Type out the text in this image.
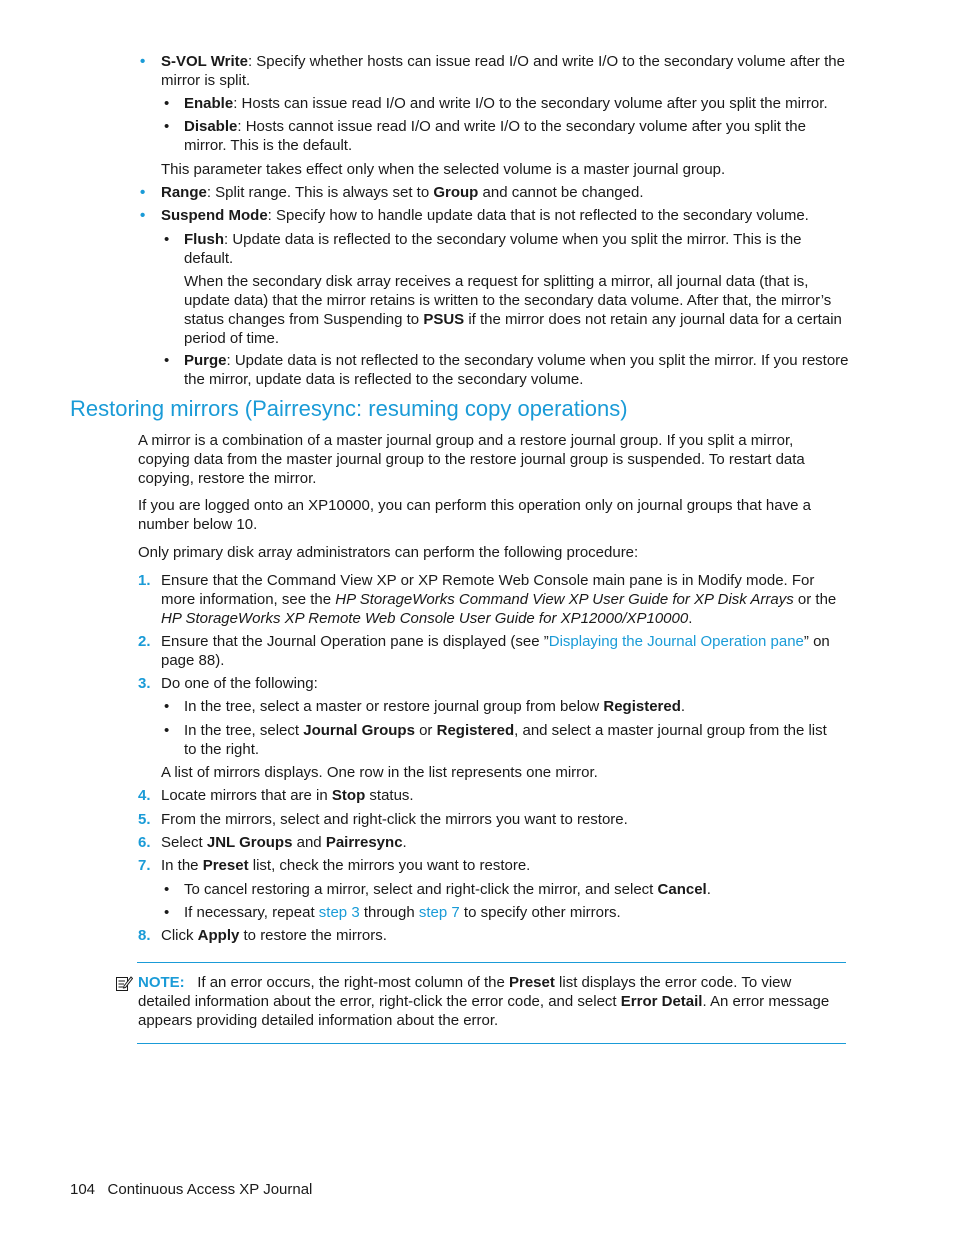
• S-VOL Write: Specify whether hosts can issue read I/O and write I/O to the secondary volume after the mirror is split.

• Enable: Hosts can issue read I/O and write I/O to the secondary volume after you split the mirror.

• Disable: Hosts cannot issue read I/O and write I/O to the secondary volume after you split the mirror. This is the default.

This parameter takes effect only when the selected volume is a master journal group.

• Range: Split range. This is always set to Group and cannot be changed.

• Suspend Mode: Specify how to handle update data that is not reflected to the secondary volume.

• Flush: Update data is reflected to the secondary volume when you split the mirror. This is the default.

When the secondary disk array receives a request for splitting a mirror, all journal data (that is, update data) that the mirror retains is written to the secondary data volume. After that, the mirror’s status changes from Suspending to PSUS if the mirror does not retain any journal data for a certain period of time.

• Purge: Update data is not reflected to the secondary volume when you split the mirror. If you restore the mirror, update data is reflected to the secondary volume.

Restoring mirrors (Pairresync: resuming copy operations)

A mirror is a combination of a master journal group and a restore journal group. If you split a mirror, copying data from the master journal group to the restore journal group is suspended. To restart data copying, restore the mirror.

If you are logged onto an XP10000, you can perform this operation only on journal groups that have a number below 10.

Only primary disk array administrators can perform the following procedure:

1. Ensure that the Command View XP or XP Remote Web Console main pane is in Modify mode. For more information, see the HP StorageWorks Command View XP User Guide for XP Disk Arrays or the HP StorageWorks XP Remote Web Console User Guide for XP12000/XP10000.

2. Ensure that the Journal Operation pane is displayed (see ”Displaying the Journal Operation pane” on page 88).

3. Do one of the following:

• In the tree, select a master or restore journal group from below Registered.

• In the tree, select Journal Groups or Registered, and select a master journal group from the list to the right.

A list of mirrors displays. One row in the list represents one mirror.

4. Locate mirrors that are in Stop status.

5. From the mirrors, select and right-click the mirrors you want to restore.

6. Select JNL Groups and Pairresync.

7. In the Preset list, check the mirrors you want to restore.

• To cancel restoring a mirror, select and right-click the mirror, and select Cancel.

• If necessary, repeat step 3 through step 7 to specify other mirrors.

8. Click Apply to restore the mirrors.

NOTE: If an error occurs, the right-most column of the Preset list displays the error code. To view detailed information about the error, right-click the error code, and select Error Detail. An error message appears providing detailed information about the error.

104 Continuous Access XP Journal
